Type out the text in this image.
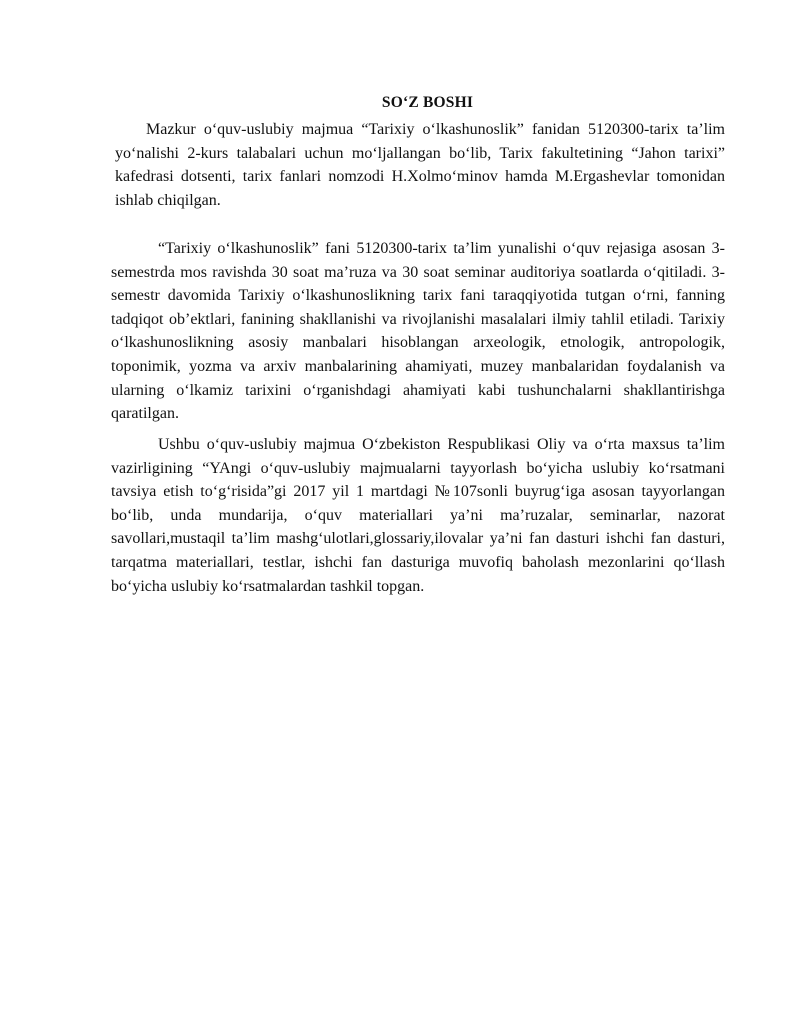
SO‘Z BOSHI

Mazkur o‘quv-uslubiy majmua “Tarixiy o‘lkashunoslik” fanidan 5120300-tarix ta’lim yo‘nalishi 2-kurs talabalari uchun mo‘ljallangan bo‘lib, Tarix fakultetining “Jahon tarixi” kafedrasi dotsenti, tarix fanlari nomzodi H.Xolmo‘minov hamda M.Ergashevlar tomonidan ishlab chiqilgan.

“Tarixiy o‘lkashunoslik” fani 5120300-tarix ta’lim yunalishi o‘quv rejasiga asosan 3-semestrda mos ravishda 30 soat ma’ruza va 30 soat seminar auditoriya soatlarda o‘qitiladi. 3-semestr davomida Tarixiy o‘lkashunoslikning tarix fani taraqqiyotida tutgan o‘rni, fanning tadqiqot ob’ektlari, fanining shakllanishi va rivojlanishi masalalari ilmiy tahlil etiladi. Tarixiy o‘lkashunoslikning asosiy manbalari hisoblangan arxeologik, etnologik, antropologik, toponimik, yozma va arxiv manbalarining ahamiyati, muzey manbalaridan foydalanish va ularning o‘lkamiz tarixini o‘rganishdagi ahamiyati kabi tushunchalarni shakllantirishga qaratilgan.

Ushbu o‘quv-uslubiy majmua O‘zbekiston Respublikasi Oliy va o‘rta maxsus ta’lim vazirligining “YAngi o‘quv-uslubiy majmualarni tayyorlash bo‘yicha uslubiy ko‘rsatmani tavsiya etish to‘g‘risida”gi 2017 yil 1 martdagi №107sonli buyrug‘iga asosan tayyorlangan bo‘lib, unda mundarija, o‘quv materiallari ya’ni ma’ruzalar, seminarlar, nazorat savollari,mustaqil ta’lim mashg‘ulotlari,glossariy,ilovalar ya’ni fan dasturi ishchi fan dasturi, tarqatma materiallari, testlar, ishchi fan dasturiga muvofiq baholash mezonlarini qo‘llash bo‘yicha uslubiy ko‘rsatmalardan tashkil topgan.
